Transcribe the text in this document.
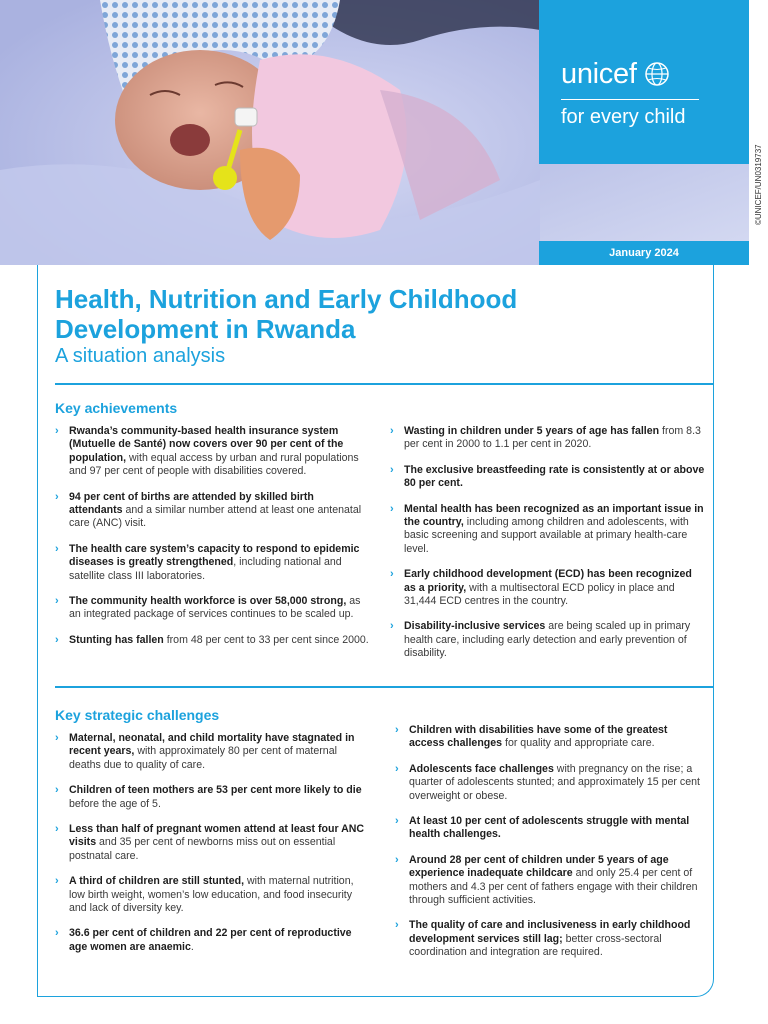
unicef
for every child
January 2024
©UNICEF/UN0319737
Health, Nutrition and Early Childhood Development in Rwanda
A situation analysis
Key achievements
› Rwanda’s community-based health insurance system (Mutuelle de Santé) now covers over 90 per cent of the population, with equal access by urban and rural populations and 97 per cent of people with disabilities covered.
› 94 per cent of births are attended by skilled birth attendants and a similar number attend at least one antenatal care (ANC) visit.
› The health care system’s capacity to respond to epidemic diseases is greatly strengthened, including national and satellite class III laboratories.
› The community health workforce is over 58,000 strong, as an integrated package of services continues to be scaled up.
› Stunting has fallen from 48 per cent to 33 per cent since 2000.
› Wasting in children under 5 years of age has fallen from 8.3 per cent in 2000 to 1.1 per cent in 2020.
› The exclusive breastfeeding rate is consistently at or above 80 per cent.
› Mental health has been recognized as an important issue in the country, including among children and adolescents, with basic screening and support available at primary health-care level.
› Early childhood development (ECD) has been recognized as a priority, with a multisectoral ECD policy in place and 31,444 ECD centres in the country.
› Disability-inclusive services are being scaled up in primary health care, including early detection and early prevention of disability.
Key strategic challenges
› Maternal, neonatal, and child mortality have stagnated in recent years, with approximately 80 per cent of maternal deaths due to quality of care.
› Children of teen mothers are 53 per cent more likely to die before the age of 5.
› Less than half of pregnant women attend at least four ANC visits and 35 per cent of newborns miss out on essential postnatal care.
› A third of children are still stunted, with maternal nutrition, low birth weight, women’s low education, and food insecurity and lack of diversity key.
› 36.6 per cent of children and 22 per cent of reproductive age women are anaemic.
› Children with disabilities have some of the greatest access challenges for quality and appropriate care.
› Adolescents face challenges with pregnancy on the rise; a quarter of adolescents stunted; and approximately 15 per cent overweight or obese.
› At least 10 per cent of adolescents struggle with mental health challenges.
› Around 28 per cent of children under 5 years of age experience inadequate childcare and only 25.4 per cent of mothers and 4.3 per cent of fathers engage with their children through sufficient activities.
› The quality of care and inclusiveness in early childhood development services still lag; better cross-sectoral coordination and integration are required.
